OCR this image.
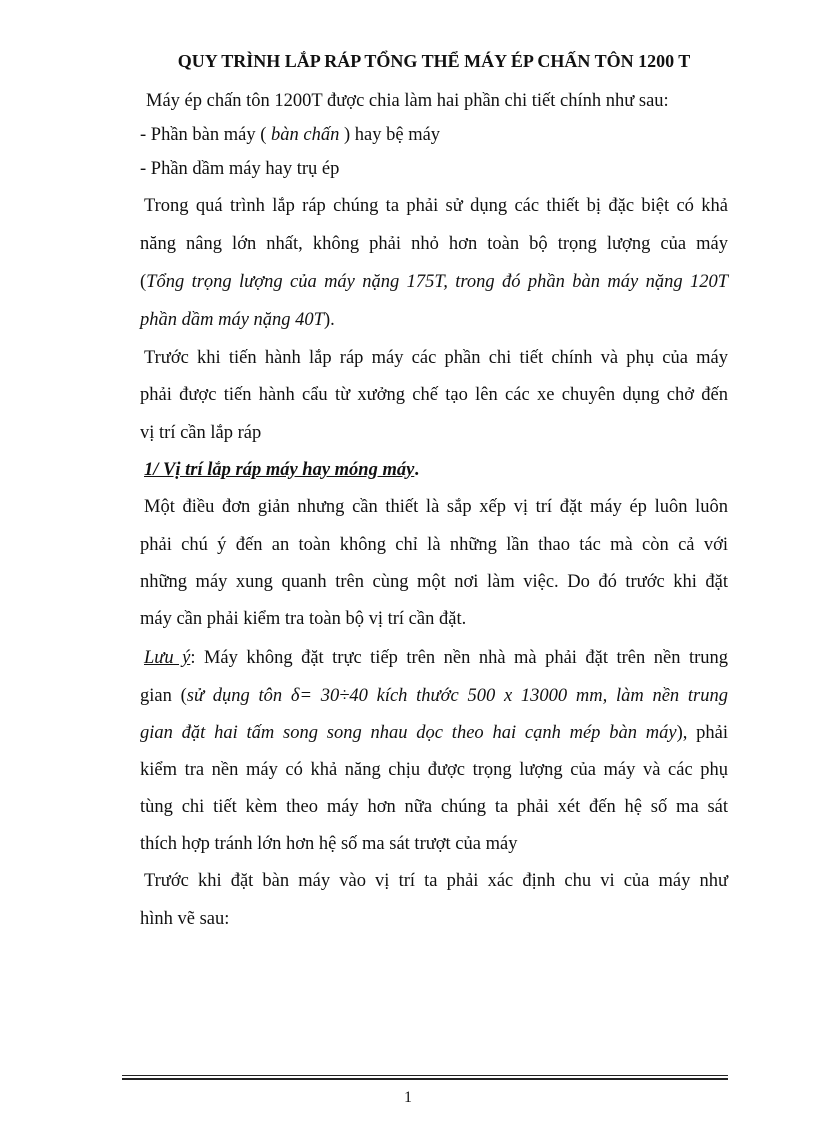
QUY TRÌNH LẮP RÁP TỔNG THỂ MÁY ÉP CHẤN TÔN 1200 T
Máy ép chấn tôn 1200T được chia làm hai phần chi tiết chính như sau:
- Phần bàn máy ( bàn chấn ) hay bệ máy
- Phần dầm máy hay trụ ép
Trong quá trình lắp ráp chúng ta phải sử dụng các thiết bị đặc biệt có khả
năng nâng lớn nhất, không phải nhỏ hơn toàn bộ trọng lượng của máy
(Tổng trọng lượng của máy nặng 175T, trong đó phần bàn máy nặng 120T
phần dầm máy nặng 40T).
Trước khi tiến hành lắp ráp máy các phần chi tiết chính và phụ của máy
phải được tiến hành cẩu từ xưởng chế tạo lên các xe chuyên dụng chở đến
vị trí cần lắp ráp
1/ Vị trí lắp ráp máy hay móng máy.
Một điều đơn giản nhưng cần thiết là sắp xếp vị trí đặt máy ép luôn luôn
phải chú ý đến an toàn không chỉ là những lần thao tác mà còn cả với
những máy xung quanh trên cùng một nơi làm việc. Do đó trước khi đặt
máy cần phải kiểm tra toàn bộ vị trí cần đặt.
Lưu ý: Máy không đặt trực tiếp trên nền nhà mà phải đặt trên nền trung
gian (sử dụng tôn δ= 30÷40 kích thước 500 x 13000 mm, làm nền trung
gian đặt hai tấm song song nhau dọc theo hai cạnh mép bàn máy), phải
kiểm tra nền máy có khả năng chịu được trọng lượng của máy và các phụ
tùng chi tiết kèm theo máy hơn nữa chúng ta phải xét đến hệ số ma sát
thích hợp tránh lớn hơn hệ số ma sát trượt của máy
Trước khi đặt bàn máy vào vị trí ta phải xác định chu vi của máy như
hình vẽ sau:
1
